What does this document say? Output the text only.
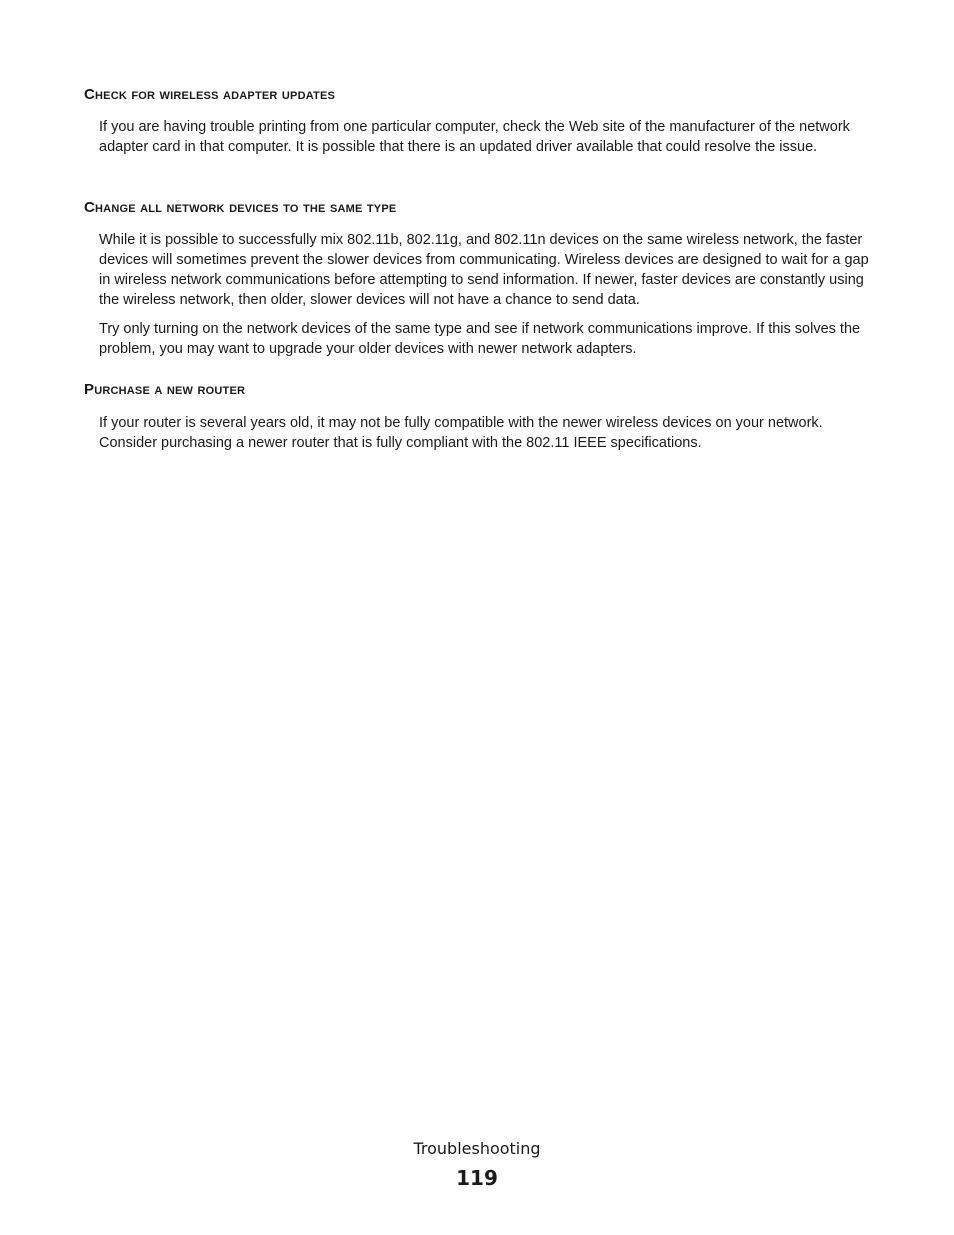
Check for wireless adapter updates

If you are having trouble printing from one particular computer, check the Web site of the manufacturer of the network adapter card in that computer. It is possible that there is an updated driver available that could resolve the issue.

Change all network devices to the same type

While it is possible to successfully mix 802.11b, 802.11g, and 802.11n devices on the same wireless network, the faster devices will sometimes prevent the slower devices from communicating. Wireless devices are designed to wait for a gap in wireless network communications before attempting to send information. If newer, faster devices are constantly using the wireless network, then older, slower devices will not have a chance to send data.

Try only turning on the network devices of the same type and see if network communications improve. If this solves the problem, you may want to upgrade your older devices with newer network adapters.

Purchase a new router

If your router is several years old, it may not be fully compatible with the newer wireless devices on your network. Consider purchasing a newer router that is fully compliant with the 802.11 IEEE specifications.

Troubleshooting
119
